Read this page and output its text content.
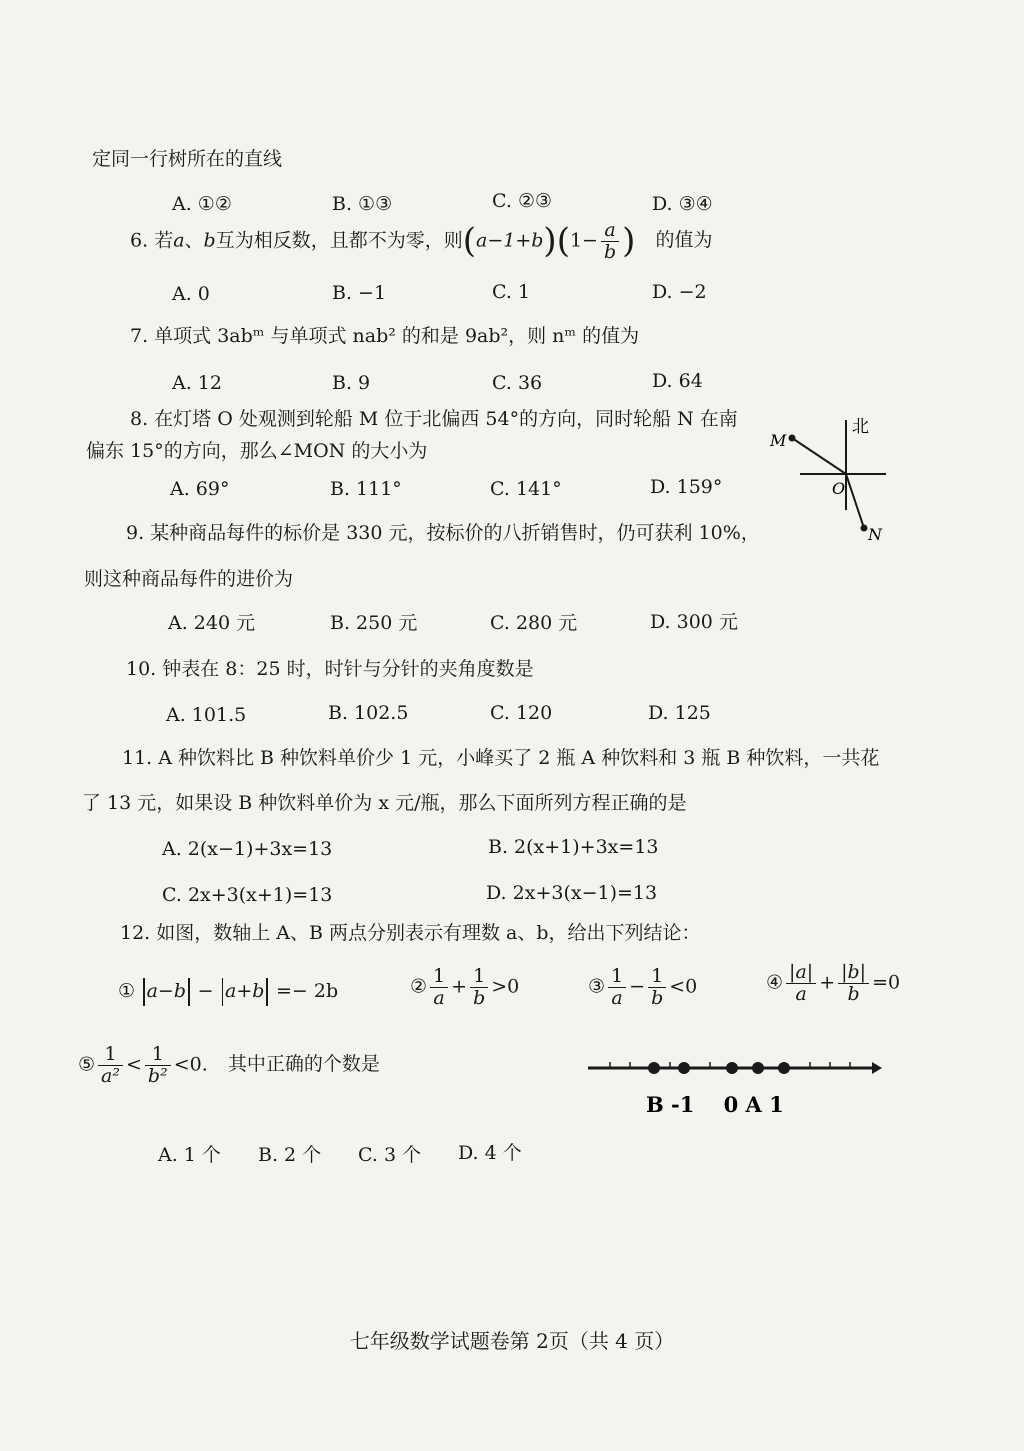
定同一行树所在的直线
A. ①②	B. ①③	C. ②③	D. ③④
6. 若a、b互为相反数，且都不为零，则$(a-1+b)(1- \frac{a}{b}$ ) 的值为
A. 0	B. −1	C. 1	D. −2
7. 单项式 3abᵐ 与单项式 nab² 的和是 9ab²，则 nᵐ 的值为
A. 12	B. 9	C. 36	D. 64
8. 在灯塔 O 处观测到轮船 M 位于北偏西 54°的方向，同时轮船 N 在南
偏东 15°的方向，那么∠MON 的大小为
A. 69°	B. 111°	C. 141°	D. 159°
北
M
O
N
9. 某种商品每件的标价是 330 元，按标价的八折销售时，仍可获利 10%，
则这种商品每件的进价为
A. 240 元	B. 250 元	C. 280 元	D. 300 元
10. 钟表在 8：25 时，时针与分针的夹角度数是
A. 101.5	B. 102.5	C. 120	D. 125
11. A 种饮料比 B 种饮料单价少 1 元，小峰买了 2 瓶 A 种饮料和 3 瓶 B 种饮料，一共花
了 13 元，如果设 B 种饮料单价为 x 元/瓶，那么下面所列方程正确的是
A. 2(x−1)+3x=13	B. 2(x+1)+3x=13
C. 2x+3(x+1)=13	D. 2x+3(x−1)=13
12. 如图，数轴上 A、B 两点分别表示有理数 a、b，给出下列结论：
① a−b − a+b =− 2b	② $\frac{1}{a} + \frac{1}{b} >0$	③ $\frac{1}{a} - \frac{1}{b} <0$	④ $\frac{|a|}{a} + \frac{|b|}{b} =0$
⑤ $\frac{1}{\text{a²}} < \frac{1}{\text{b²}} <0$. 其中正确的个数是
B -1    0 A 1
A. 1 个 B. 2 个 C. 3 个 D. 4 个
七年级数学试题卷第 2页（共 4 页）
